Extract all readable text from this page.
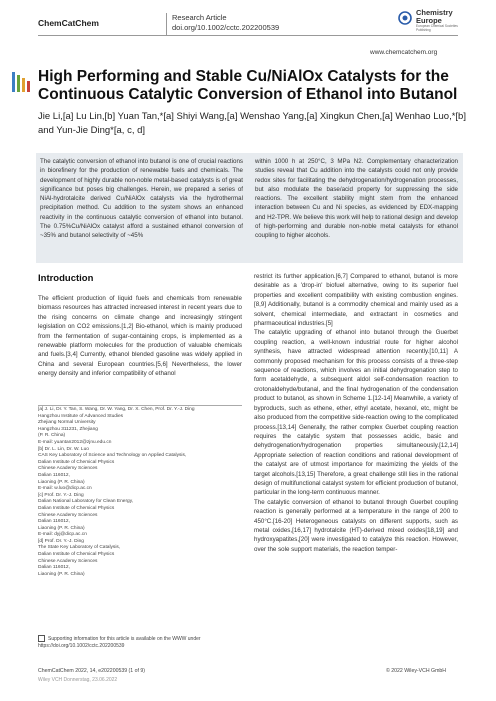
ChemCatChem
Research Article
doi.org/10.1002/cctc.202200539
Chemistry
Europe
European Chemical Societies Publishing
www.chemcatchem.org
High Performing and Stable Cu/NiAlOx Catalysts for the Continuous Catalytic Conversion of Ethanol into Butanol
Jie Li,[a] Lu Lin,[b] Yuan Tan,*[a] Shiyi Wang,[a] Wenshao Yang,[a] Xingkun Chen,[a] Wenhao Luo,*[b] and Yun-Jie Ding*[a, c, d]
The catalytic conversion of ethanol into butanol is one of crucial reactions in biorefinery for the production of renewable fuels and chemicals. The development of highly durable non-noble metal-based catalysts is of great significance but poses big challenges. Herein, we prepared a series of NiAl-hydrotalcite derived Cu/NiAlOx catalysts via the hydrothermal precipitation method. Cu addition to the system shows an enhanced reactivity in the continuous catalytic conversion of ethanol into butanol. The 0.75%Cu/NiAlOx catalyst afford a sustained ethanol conversion of ~35% and butanol selectivity of ~45%
within 1000 h at 250°C, 3 MPa N2. Complementary characterization studies reveal that Cu addition into the catalysts could not only provide redox sites for facilitating the dehydrogenation/hydrogenation processes, but also modulate the base/acid property for suppressing the side reactions. The excellent stability might stem from the enhanced interaction between Cu and Ni species, as evidenced by EDX-mapping and H2-TPR. We believe this work will help to rational design and develop of high-performing and durable non-noble metal catalysts for ethanol coupling to higher alcohols.
Introduction
The efficient production of liquid fuels and chemicals from renewable biomass resources has attracted increased interest in recent years due to the rising concerns on climate change and increasingly stringent legislation on CO2 emissions.[1,2] Bio-ethanol, which is mainly produced from the fermentation of sugar-containing crops, is implemented as a renewable platform molecules for the production of valuable chemicals and fuels.[3,4] Currently, ethanol blended gasoline was widely applied in China and several European countries.[5,6] Nevertheless, the lower energy density and inferior compatibility of ethanol
restrict its further application.[6,7] Compared to ethanol, butanol is more desirable as a 'drop-in' biofuel alternative, owing to its superior fuel properties and excellent compatibility with existing combustion engines.[8,9] Additionally, butanol is a commodity chemical and mainly used as a solvent, chemical intermediate, and extractant in cosmetics and pharmaceutical industries.[5]
The catalytic upgrading of ethanol into butanol through the Guerbet coupling reaction, a well-known industrial route for higher alcohol synthesis, have attracted widespread attention recently.[10,11] A commonly proposed mechanism for this process consists of a three-step sequence of reactions, which involves an initial dehydrogenation step to form acetaldehyde, a subsequent aldol self-condensation reaction to crotonaldehyde/butanal, and the final hydrogenation of the condensation product to butanol, as shown in Scheme 1.[12-14] Meanwhile, a variety of byproducts, such as ethene, ether, ethyl acetate, hexanol, etc, might be also produced from the competitive side-reaction owing to the complicated process.[13,14] Generally, the rather complex Guerbet coupling reaction requires the catalytic system that possesses acidic, basic and dehydrogenation/hydrogenation properties simultaneously.[12,14] Appropriate selection of reaction conditions and rational development of the catalyst are of utmost importance for maximizing the yields of the target alcohols.[13,15] Therefore, a great challenge still lies in the rational design of multifunctional catalyst system for efficient production of butanol, particular in the long-term continuous manner.
The catalytic conversion of ethanol to butanol through Guerbet coupling reaction is generally performed at a temperature in the range of 200 to 450°C.[16-20] Heterogeneous catalysts on different supports, such as metal oxides,[16,17] hydrotalcite (HT)-derived mixed oxides[18,19] and hydroxyapatites,[20] were investigated to catalyze this reaction. However, over the sole support materials, the reaction temper-
[a] J. Li, Dr. Y. Tan, S. Wang, Dr. W. Yang, Dr. X. Chen, Prof. Dr. Y.-J. Ding
Hangzhou Institute of Advanced Studies
Zhejiang Normal University
Hangzhou 311231, Zhejiang
(P. R. China)
E-mail: yuantan2012@zjnu.edu.cn
[b] Dr. L. Lin, Dr. W. Luo
CAS Key Laboratory of Science and Technology on Applied Catalysis,
Dalian Institute of Chemical Physics
Chinese Academy Sciences
Dalian 116012,
Liaoning (P. R. China)
E-mail: w.luo@dicp.ac.cn
[c] Prof. Dr. Y.-J. Ding
Dalian National Laboratory for Clean Energy,
Dalian Institute of Chemical Physics
Chinese Academy Sciences
Dalian 116012,
Liaoning (P. R. China)
E-mail: dyj@dicp.ac.cn
[d] Prof. Dr. Y.-J. Ding
The State Key Laboratory of Catalysis,
Dalian Institute of Chemical Physics
Chinese Academy Sciences
Dalian 116012,
Liaoning (P. R. China)
Supporting information for this article is available on the WWW under https://doi.org/10.1002/cctc.202200539
ChemCatChem 2022, 14, e202200539 (1 of 9)	© 2022 Wiley-VCH GmbH
Wiley VCH Donnerstag, 23.06.2022
